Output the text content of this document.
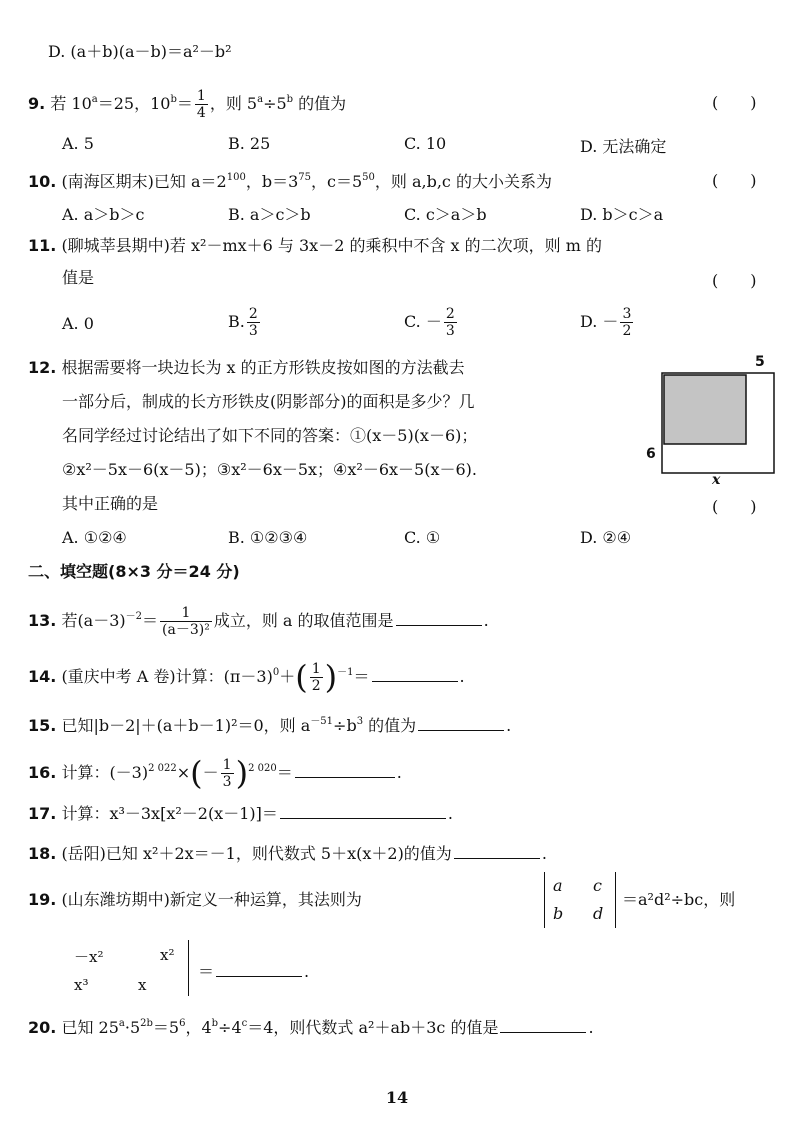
D. (a＋b)(a－b)＝a²－b²
9. 若 $10^a=25$，$10^b= \frac{1}{4}$ ，则 $5^a\div 5^b$ 的值为	(　　)
A. 5	B. 25	C. 10	D. 无法确定
10. (南海区期末)已知 $a=2^{100}$，$b=3^{75}$，$c=5^{50}$，则 a,b,c 的大小关系为	(　　)
A. a＞b＞c	B. a＞c＞b	C. c＞a＞b	D. b＞c＞a
11. (聊城莘县期中)若 x²－mx＋6 与 3x－2 的乘积中不含 x 的二次项，则 m 的
值是	(　　)
A. 0	B. $\frac{2}{3}$	C. － $\frac{2}{3}$	D. － $\frac{3}{2}$
12. 根据需要将一块边长为 x 的正方形铁皮按如图的方法截去
一部分后，制成的长方形铁皮(阴影部分)的面积是多少？几
名同学经过讨论结出了如下不同的答案：①(x－5)(x－6)；
②x²－5x－6(x－5)；③x²－6x－5x；④x²－6x－5(x－6).
其中正确的是	(　　)
5
6
x
A. ①②④	B. ①②③④	C. ①	D. ②④
二、填空题(8×3 分＝24 分)
13. 若$(a-3)^{-2}= \frac{1}{\text{(a－3)²}}$ 成立，则 a 的取值范围是	.
14. (重庆中考 A 卷)计算：$(\pi-3)^0+( \frac{1}{2} )^{-1}=$	.
15. 已知|b－2|＋(a＋b－1)²＝0，则 $a^{-51}\div b^3$ 的值为	.
16. 计算：$(-3)^{2 022}\times(- \frac{1}{3} )^{2 020}=$	.
17. 计算：x³－3x[x²－2(x－1)]＝	.
18. (岳阳)已知 x²＋2x＝－1，则代数式 5＋x(x＋2)的值为	.
19. (山东潍坊期中)新定义一种运算，其法则为
a c
b d
＝a²d²÷bc，则
－x²	x²
x³	x
＝	.
20. 已知 $25^a\cdot 5^{2b}=5^6$，$4^b\div 4^c=4$，则代数式 a²＋ab＋3c 的值是	.
14
